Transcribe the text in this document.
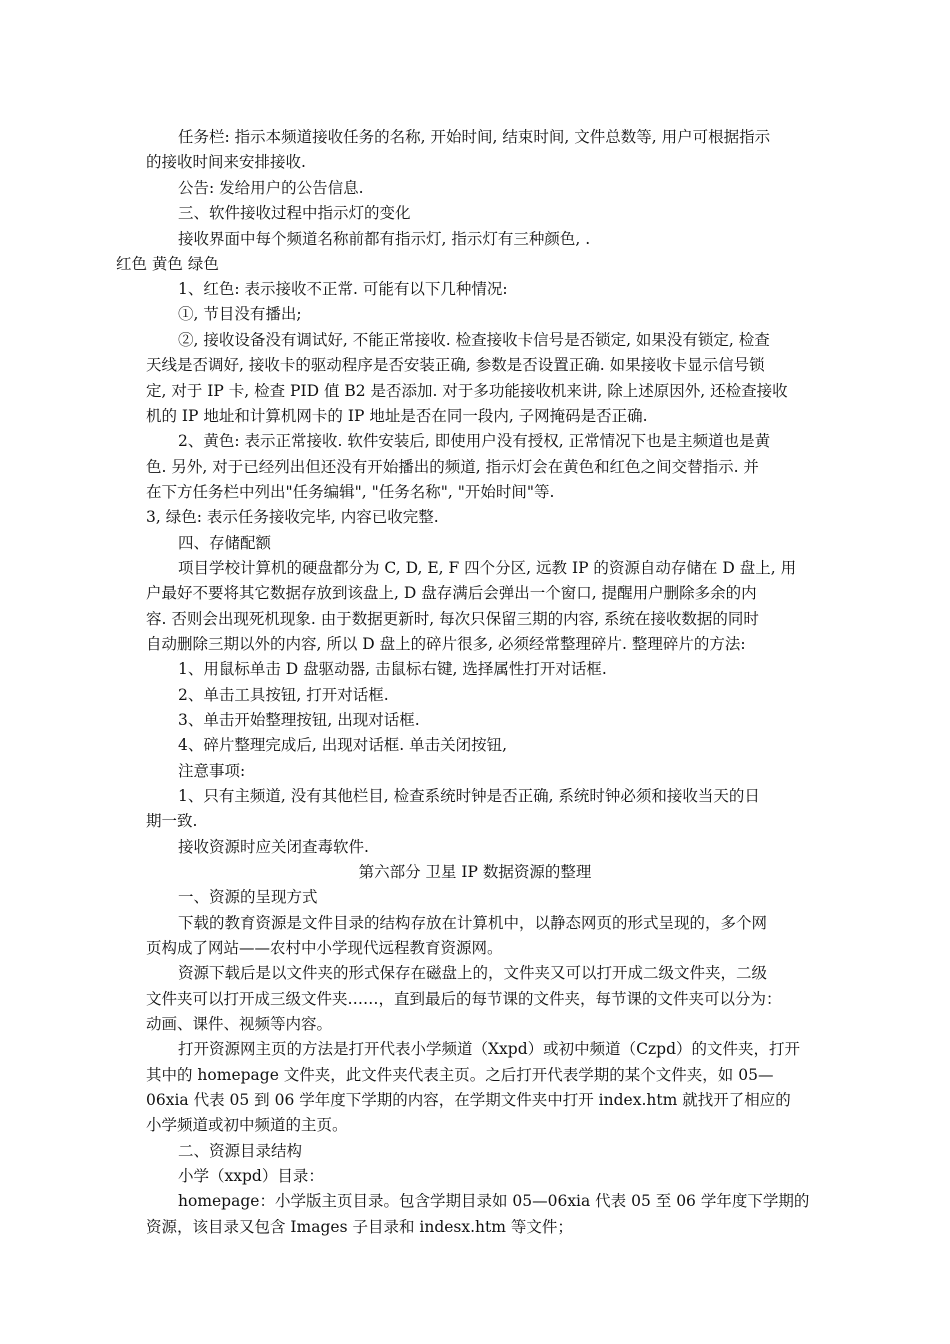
任务栏: 指示本频道接收任务的名称, 开始时间, 结束时间, 文件总数等, 用户可根据指示
的接收时间来安排接收.
公告: 发给用户的公告信息.
三、软件接收过程中指示灯的变化
接收界面中每个频道名称前都有指示灯, 指示灯有三种颜色, .
红色 黄色 绿色
1、红色: 表示接收不正常. 可能有以下几种情况:
①, 节目没有播出;
②, 接收设备没有调试好, 不能正常接收. 检查接收卡信号是否锁定, 如果没有锁定, 检查
天线是否调好, 接收卡的驱动程序是否安装正确, 参数是否设置正确. 如果接收卡显示信号锁
定, 对于 IP 卡, 检查 PID 值 B2 是否添加. 对于多功能接收机来讲, 除上述原因外, 还检查接收
机的 IP 地址和计算机网卡的 IP 地址是否在同一段内, 子网掩码是否正确.
2、黄色: 表示正常接收. 软件安装后, 即使用户没有授权, 正常情况下也是主频道也是黄
色. 另外, 对于已经列出但还没有开始播出的频道, 指示灯会在黄色和红色之间交替指示. 并
在下方任务栏中列出"任务编辑", "任务名称", "开始时间"等.
3, 绿色: 表示任务接收完毕, 内容已收完整.
四、存储配额
项目学校计算机的硬盘都分为 C, D, E, F 四个分区, 远教 IP 的资源自动存储在 D 盘上, 用
户最好不要将其它数据存放到该盘上, D 盘存满后会弹出一个窗口, 提醒用户删除多余的内
容. 否则会出现死机现象. 由于数据更新时, 每次只保留三期的内容, 系统在接收数据的同时
自动删除三期以外的内容, 所以 D 盘上的碎片很多, 必须经常整理碎片. 整理碎片的方法:
1、用鼠标单击 D 盘驱动器, 击鼠标右键, 选择属性打开对话框.
2、单击工具按钮, 打开对话框.
3、单击开始整理按钮, 出现对话框.
4、碎片整理完成后, 出现对话框. 单击关闭按钮,
注意事项:
1、只有主频道, 没有其他栏目, 检查系统时钟是否正确, 系统时钟必须和接收当天的日
期一致.
接收资源时应关闭查毒软件.
第六部分 卫星 IP 数据资源的整理
一、资源的呈现方式
下载的教育资源是文件目录的结构存放在计算机中，以静态网页的形式呈现的，多个网
页构成了网站——农村中小学现代远程教育资源网。
资源下载后是以文件夹的形式保存在磁盘上的，文件夹又可以打开成二级文件夹，二级
文件夹可以打开成三级文件夹……，直到最后的每节课的文件夹，每节课的文件夹可以分为：
动画、课件、视频等内容。
打开资源网主页的方法是打开代表小学频道（Xxpd）或初中频道（Czpd）的文件夹，打开
其中的 homepage 文件夹，此文件夹代表主页。之后打开代表学期的某个文件夹，如 05—
06xia 代表 05 到 06 学年度下学期的内容，在学期文件夹中打开 index.htm 就找开了相应的
小学频道或初中频道的主页。
二、资源目录结构
小学（xxpd）目录：
homepage：小学版主页目录。包含学期目录如 05—06xia 代表 05 至 06 学年度下学期的
资源，该目录又包含 Images 子目录和 indesx.htm 等文件；
